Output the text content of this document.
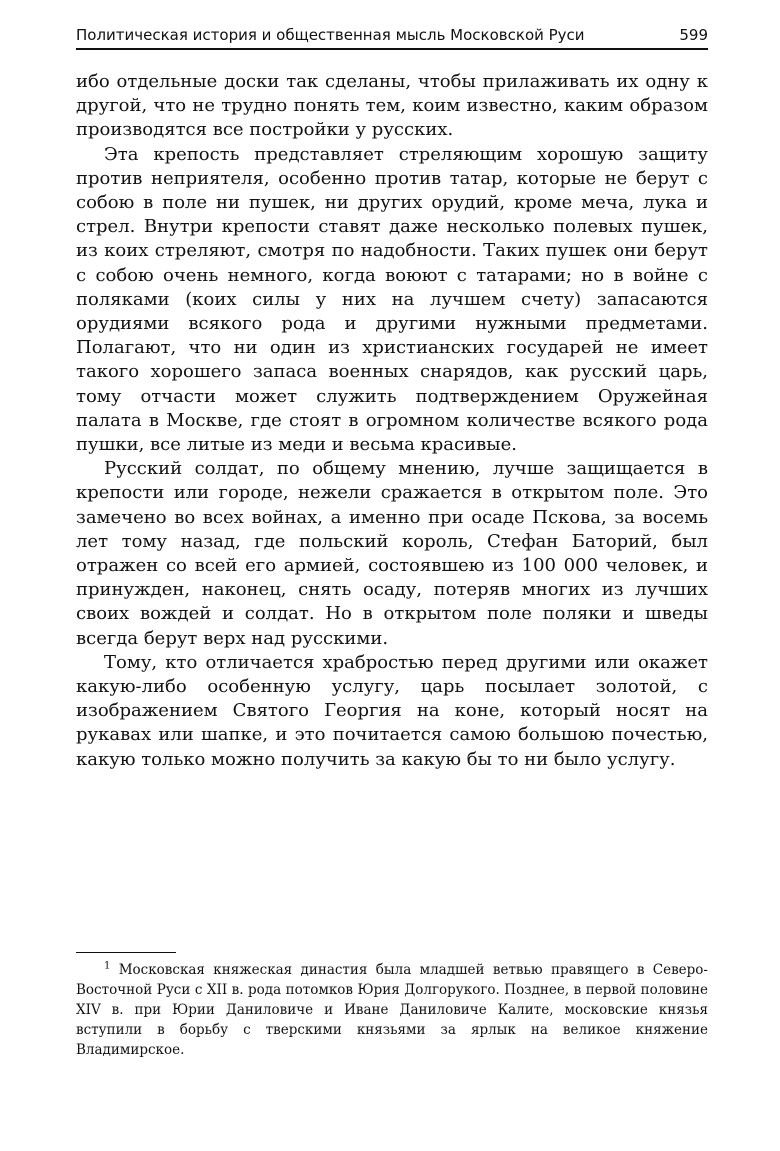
Политическая история и общественная мысль Московской Руси	599

ибо отдельные доски так сделаны, чтобы прилаживать их одну к другой, что не трудно понять тем, коим известно, каким образом производятся все постройки у русских.

Эта крепость представляет стреляющим хорошую защиту против неприятеля, особенно против татар, которые не берут с собою в поле ни пушек, ни других орудий, кроме меча, лука и стрел. Внутри крепости ставят даже несколько полевых пушек, из коих стреляют, смотря по надобности. Таких пушек они берут с собою очень немного, когда воюют с татарами; но в войне с поляками (коих силы у них на лучшем счету) запасаются орудиями всякого рода и другими нужными предметами. Полагают, что ни один из христианских государей не имеет такого хорошего запаса военных снарядов, как русский царь, тому отчасти может служить подтверждением Оружейная палата в Москве, где стоят в огромном количестве всякого рода пушки, все литые из меди и весьма красивые.

Русский солдат, по общему мнению, лучше защищается в крепости или городе, нежели сражается в открытом поле. Это замечено во всех войнах, а именно при осаде Пскова, за восемь лет тому назад, где польский король, Стефан Баторий, был отражен со всей его армией, состоявшею из 100 000 человек, и принужден, наконец, снять осаду, потеряв многих из лучших своих вождей и солдат. Но в открытом поле поляки и шведы всегда берут верх над русскими.

Тому, кто отличается храбростью перед другими или окажет какую-либо особенную услугу, царь посылает золотой, с изображением Святого Георгия на коне, который носят на рукавах или шапке, и это почитается самою большою почестью, какую только можно получить за какую бы то ни было услугу.

$^1$ Московская княжеская династия была младшей ветвью правящего в Северо-Восточной Руси с XII в. рода потомков Юрия Долгорукого. Позднее, в первой половине XIV в. при Юрии Даниловиче и Иване Даниловиче Калите, московские князья вступили в борьбу с тверскими князьями за ярлык на великое княжение Владимирское.
